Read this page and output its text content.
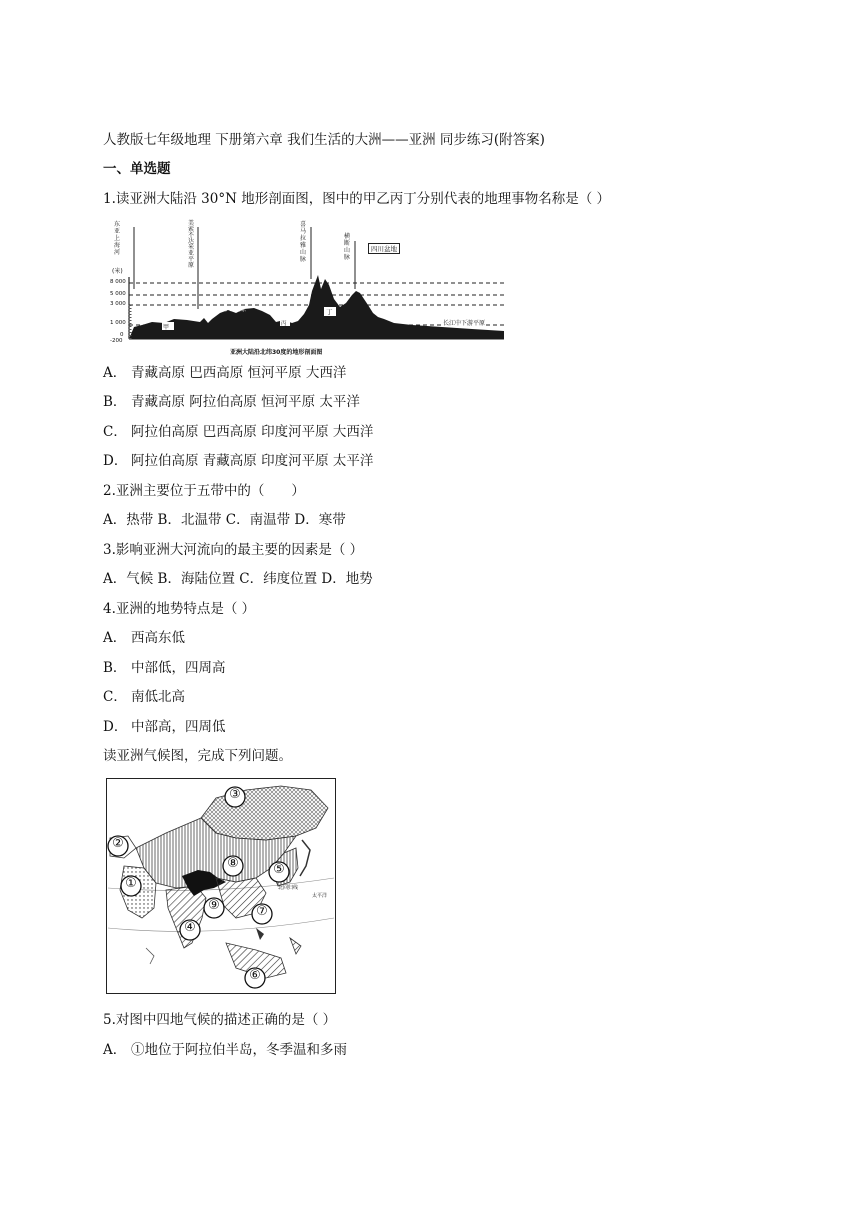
人教版七年级地理 下册第六章 我们生活的大洲——亚洲 同步练习(附答案)
一、单选题
1.读亚洲大陆沿 30°N 地形剖面图，图中的甲乙丙丁分别代表的地理事物名称是（ ）
(米)
8 000
5 000
3 000
1 000
0
-200
东亚上海河
美索不达米亚平原
喜马拉雅山脉
横断山脉
四川盆地
甲
伊朗高原
丙
丁
长江中下游平原
亚洲大陆沿北纬30度的地形剖面图
A． 青藏高原 巴西高原 恒河平原 大西洋
B． 青藏高原 阿拉伯高原 恒河平原 太平洋
C． 阿拉伯高原 巴西高原 印度河平原 大西洋
D． 阿拉伯高原 青藏高原 印度河平原 太平洋
2.亚洲主要位于五带中的（　　）
A．热带 B．北温带 C．南温带 D．寒带
3.影响亚洲大河流向的最主要的因素是（ ）
A．气候 B．海陆位置 C．纬度位置 D．地势
4.亚洲的地势特点是（ ）
A． 西高东低
B． 中部低，四周高
C． 南低北高
D． 中部高，四周低
读亚洲气候图，完成下列问题。
③
②
①
⑧	⑤
⑨	⑦
④
⑥
太平洋
北回归线
5.对图中四地气候的描述正确的是（ ）
A． ①地位于阿拉伯半岛，冬季温和多雨
